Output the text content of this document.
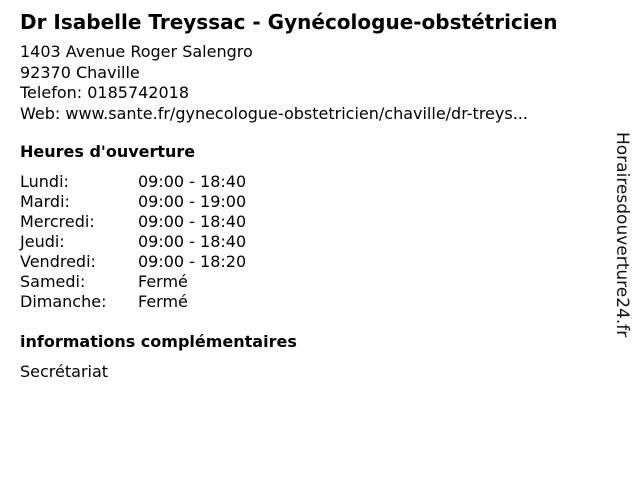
Dr Isabelle Treyssac - Gynécologue-obstétricien
1403 Avenue Roger Salengro
92370 Chaville
Telefon: 0185742018
Web: www.sante.fr/gynecologue-obstetricien/chaville/dr-treys...
Heures d'ouverture
Lundi:	09:00 - 18:40
Mardi:	09:00 - 19:00
Mercredi:	09:00 - 18:40
Jeudi:	09:00 - 18:40
Vendredi:	09:00 - 18:20
Samedi:	Fermé
Dimanche:	Fermé
informations complémentaires
Secrétariat
Horairesdouverture24.fr
